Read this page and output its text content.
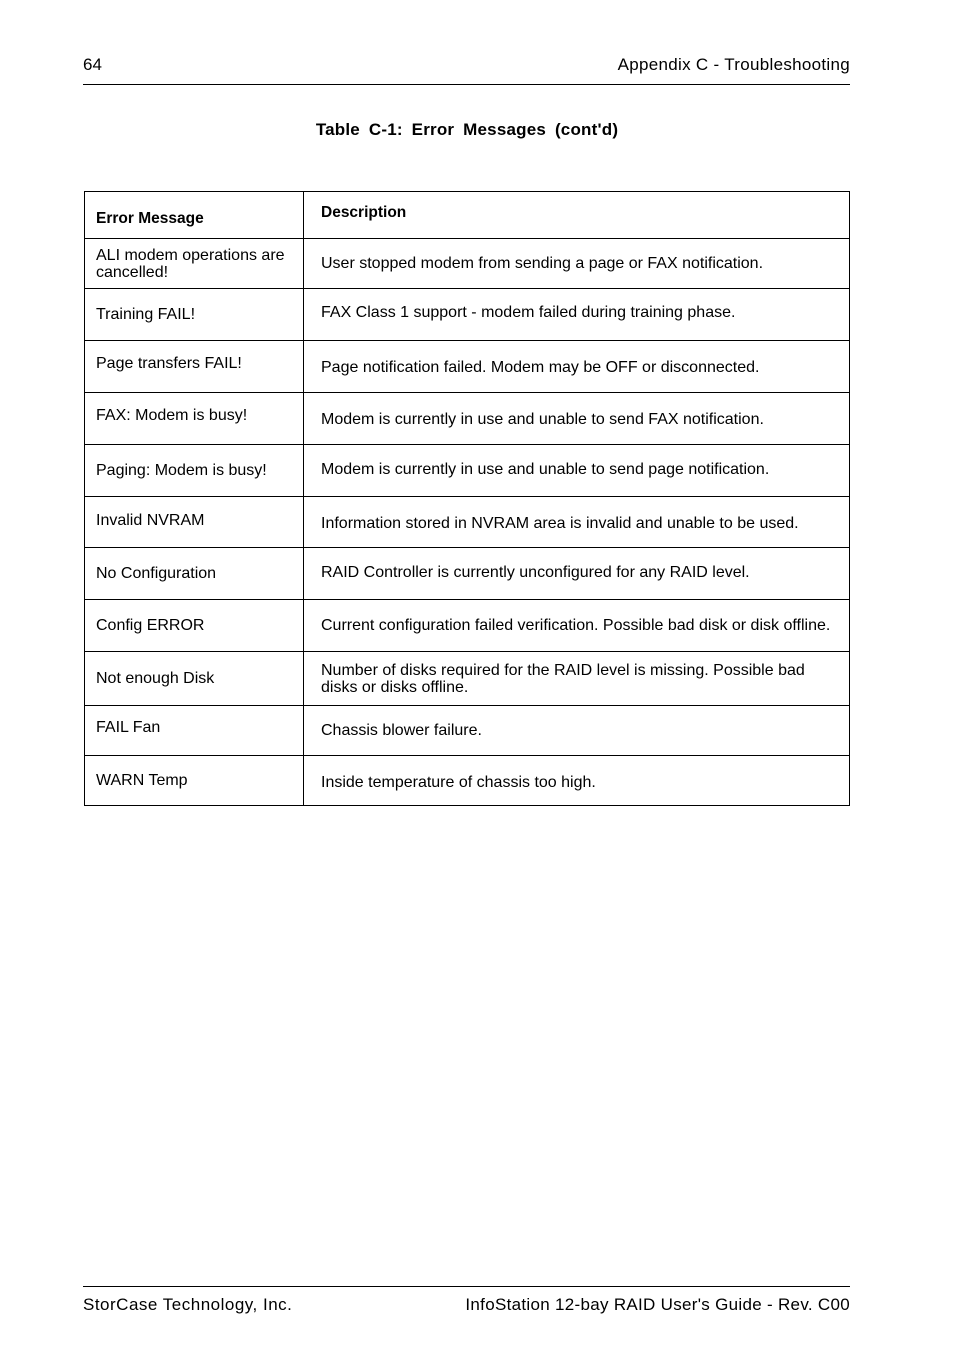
64	Appendix C - Troubleshooting
Table C-1: Error Messages (cont'd)
Error Message	Description
ALI modem operations are cancelled!	User stopped modem from sending a page or FAX notification.
Training FAIL!	FAX Class 1 support - modem failed during training phase.
Page transfers FAIL!	Page notification failed. Modem may be OFF or disconnected.
FAX: Modem is busy!	Modem is currently in use and unable to send FAX notification.
Paging: Modem is busy!	Modem is currently in use and unable to send page notification.
Invalid NVRAM	Information stored in NVRAM area is invalid and unable to be used.
No Configuration	RAID Controller is currently unconfigured for any RAID level.
Config ERROR	Current configuration failed verification. Possible bad disk or disk offline.
Not enough Disk	Number of disks required for the RAID level is missing. Possible bad disks or disks offline.
FAIL Fan	Chassis blower failure.
WARN Temp	Inside temperature of chassis too high.
StorCase Technology, Inc.	InfoStation 12-bay RAID User's Guide - Rev. C00
